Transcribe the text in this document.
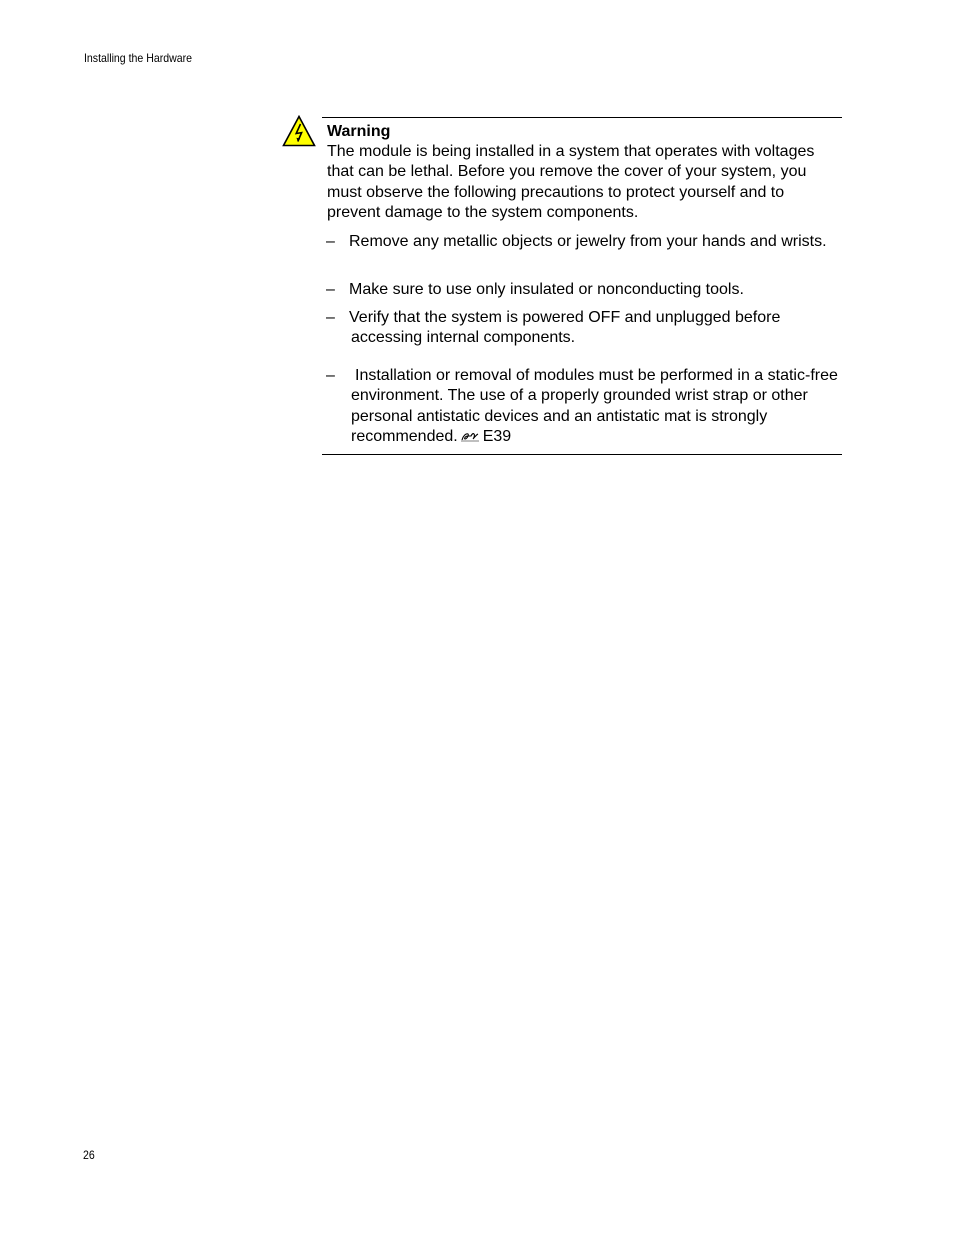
Installing the Hardware
Warning
The module is being installed in a system that operates with voltages that can be lethal. Before you remove the cover of your system, you must observe the following precautions to protect yourself and to prevent damage to the system components.
– Remove any metallic objects or jewelry from your hands and wrists.
– Make sure to use only insulated or nonconducting tools.
– Verify that the system is powered OFF and unplugged before accessing internal components.
–	Installation or removal of modules must be performed in a static-free environment. The use of a properly grounded wrist strap or other personal antistatic devices and an antistatic mat is strongly recommended. E39
26
